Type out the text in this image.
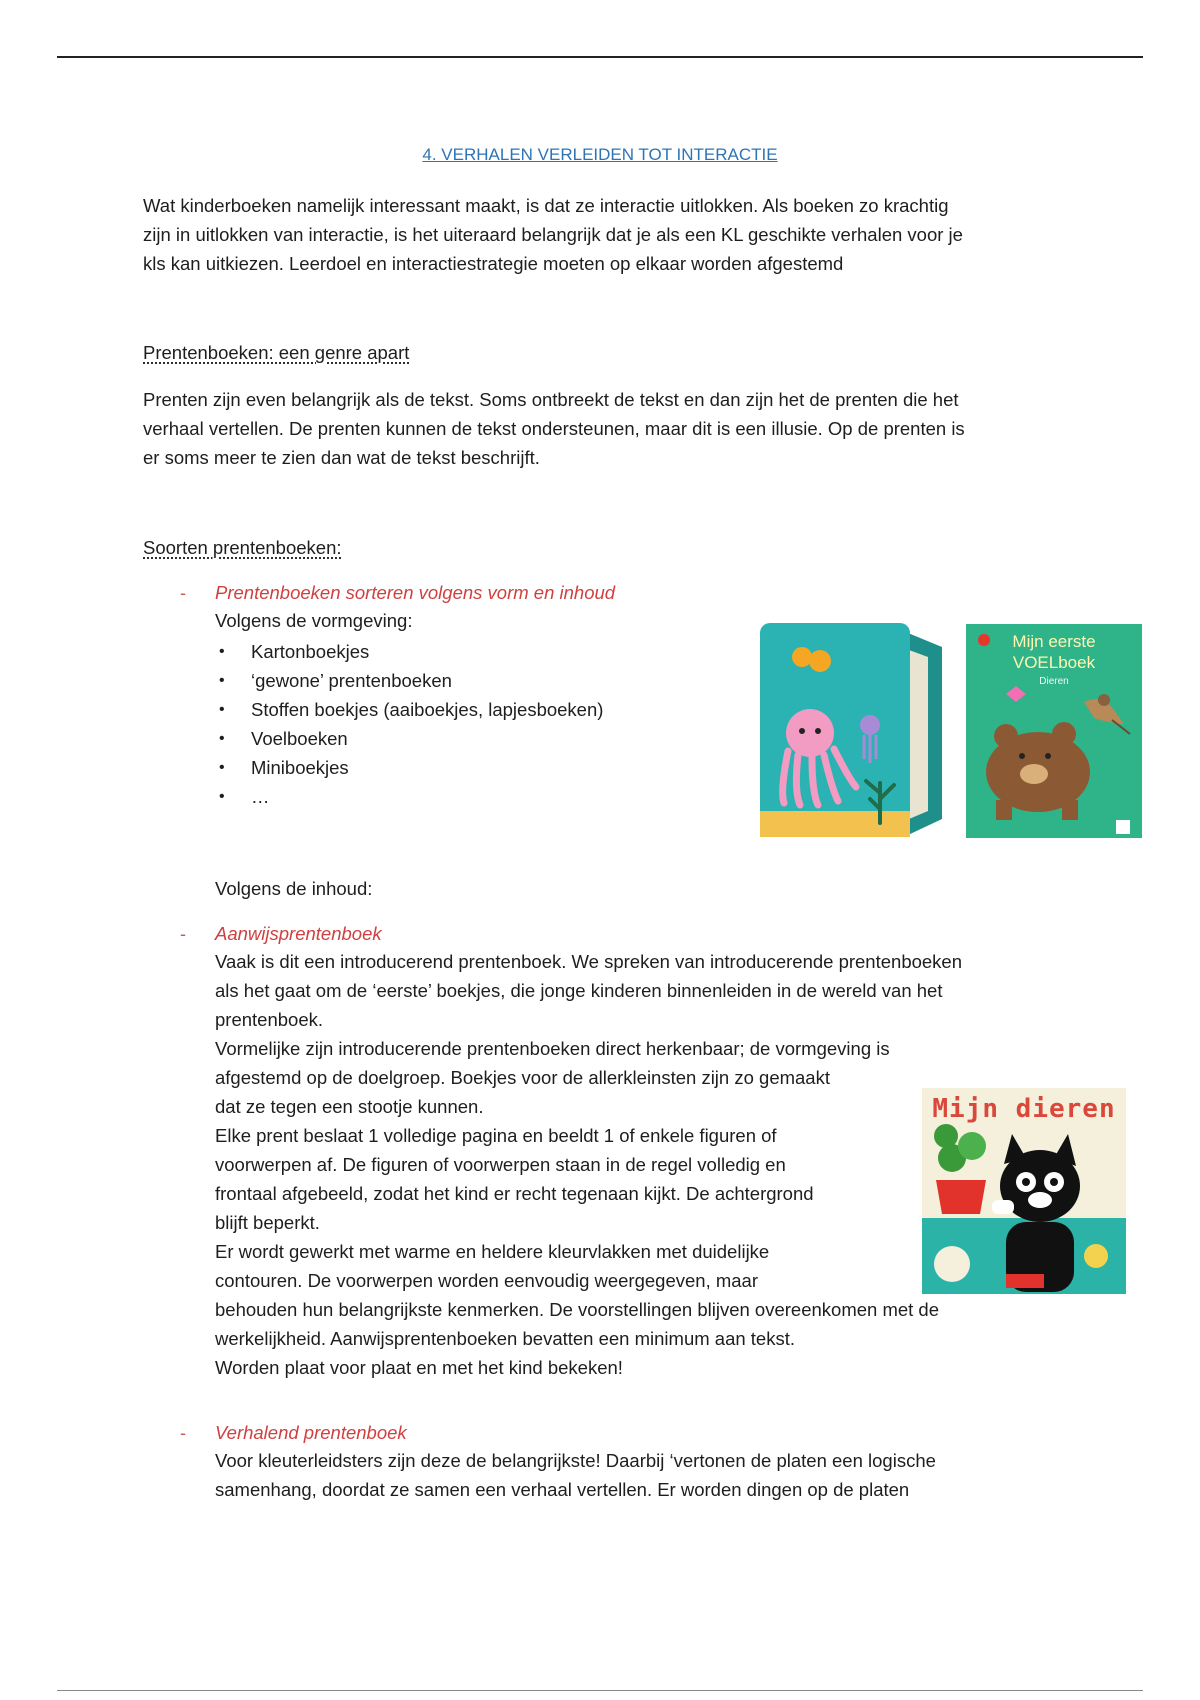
4. VERHALEN VERLEIDEN TOT INTERACTIE

Wat kinderboeken namelijk interessant maakt, is dat ze interactie uitlokken. Als boeken zo krachtig
zijn in uitlokken van interactie, is het uiteraard belangrijk dat je als een KL geschikte verhalen voor je
kls kan uitkiezen. Leerdoel en interactiestrategie moeten op elkaar worden afgestemd

Prentenboeken: een genre apart

Prenten zijn even belangrijk als de tekst. Soms ontbreekt de tekst en dan zijn het de prenten die het
verhaal vertellen. De prenten kunnen de tekst ondersteunen, maar dit is een illusie. Op de prenten is
er soms meer te zien dan wat de tekst beschrijft.

Soorten prentenboeken:

- Prentenboeken sorteren volgens vorm en inhoud

Volgens de vormgeving:

• Kartonboekjes
• ‘gewone’ prentenboeken
• Stoffen boekjes (aaiboekjes, lapjesboeken)
• Voelboeken
• Miniboekjes
• …
Mijn eerste
VOELboek
Dieren

Volgens de inhoud:

- Aanwijsprentenboek

Vaak is dit een introducerend prentenboek. We spreken van introducerende prentenboeken
als het gaat om de ‘eerste’ boekjes, die jonge kinderen binnenleiden in de wereld van het
prentenboek.
Vormelijke zijn introducerende prentenboeken direct herkenbaar; de vormgeving is
afgestemd op de doelgroep. Boekjes voor de allerkleinsten zijn zo gemaakt
dat ze tegen een stootje kunnen.
Elke prent beslaat 1 volledige pagina en beeldt 1 of enkele figuren of
voorwerpen af. De figuren of voorwerpen staan in de regel volledig en
frontaal afgebeeld, zodat het kind er recht tegenaan kijkt. De achtergrond
blijft beperkt.
Er wordt gewerkt met warme en heldere kleurvlakken met duidelijke
contouren. De voorwerpen worden eenvoudig weergegeven, maar
behouden hun belangrijkste kenmerken. De voorstellingen blijven overeenkomen met de
werkelijkheid. Aanwijsprentenboeken bevatten een minimum aan tekst.
Worden plaat voor plaat en met het kind bekeken!

Mijn dieren
- Verhalend prentenboek

Voor kleuterleidsters zijn deze de belangrijkste! Daarbij ‘vertonen de platen een logische
samenhang, doordat ze samen een verhaal vertellen. Er worden dingen op de platen
